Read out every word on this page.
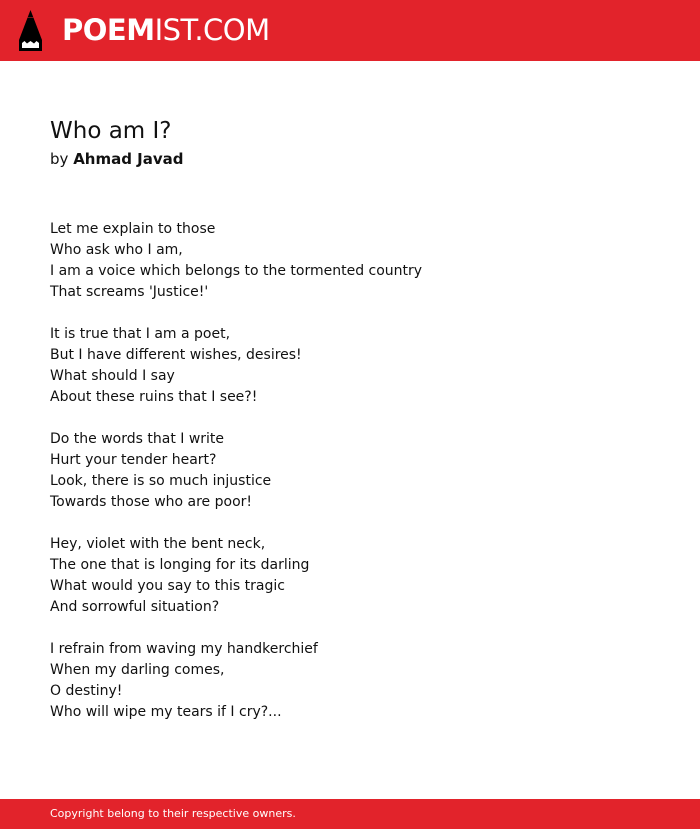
POEMIST.COM
Who am I?
by Ahmad Javad
Let me explain to those
Who ask who I am,
I am a voice which belongs to the tormented country
That screams 'Justice!'
It is true that I am a poet,
But I have different wishes, desires!
What should I say
About these ruins that I see?!
Do the words that I write
Hurt your tender heart?
Look, there is so much injustice
Towards those who are poor!
Hey, violet with the bent neck,
The one that is longing for its darling
What would you say to this tragic
And sorrowful situation?
I refrain from waving my handkerchief
When my darling comes,
O destiny!
Who will wipe my tears if I cry?...
Copyright belong to their respective owners.
